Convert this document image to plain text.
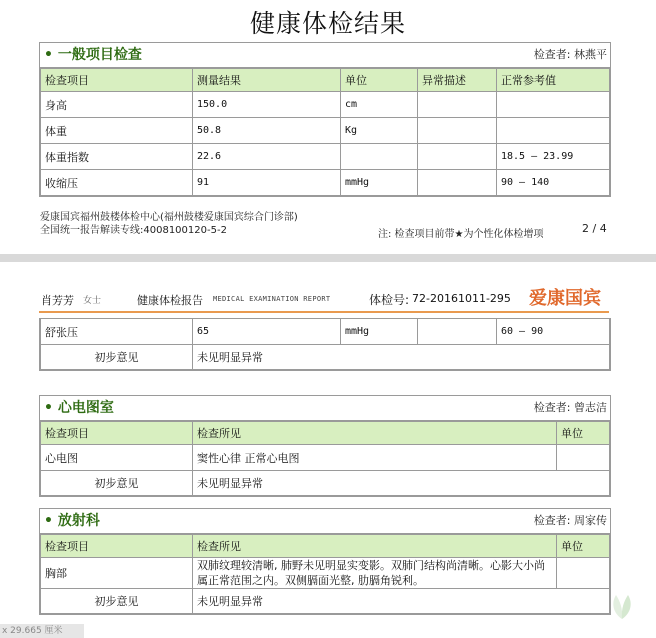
健康体检结果
• 一般项目检查	检查者: 林燕平
检查项目	测量结果	单位	异常描述	正常参考值
身高	150.0	cm		
体重	50.8	Kg		
体重指数	22.6			18.5 — 23.99
收缩压	91	mmHg		90 — 140
爱康国宾福州鼓楼体检中心(福州鼓楼爱康国宾综合门诊部)
全国统一报告解读专线:4008100120-5-2	注: 检查项目前带★为个性化体检增项	2 / 4
肖芳芳 女士	健康体检报告 MEDICAL EXAMINATION REPORT	体检号: 72-20161011-295 爱康国宾
舒张压	65	mmHg		60 — 90
初步意见	未见明显异常			
• 心电图室	检查者: 曾志洁
检查项目	检查所见	单位
心电图	窦性心律 正常心电图	
初步意见	未见明显异常	
• 放射科	检查者: 周家传
检查项目	检查所见	单位
胸部	双肺纹理较清晰, 肺野未见明显实变影。双肺门结构尚清晰。心影大小尚属正常范围之内。双侧膈面光整, 肋膈角锐利。	
初步意见	未见明显异常	
x 29.665 厘米
